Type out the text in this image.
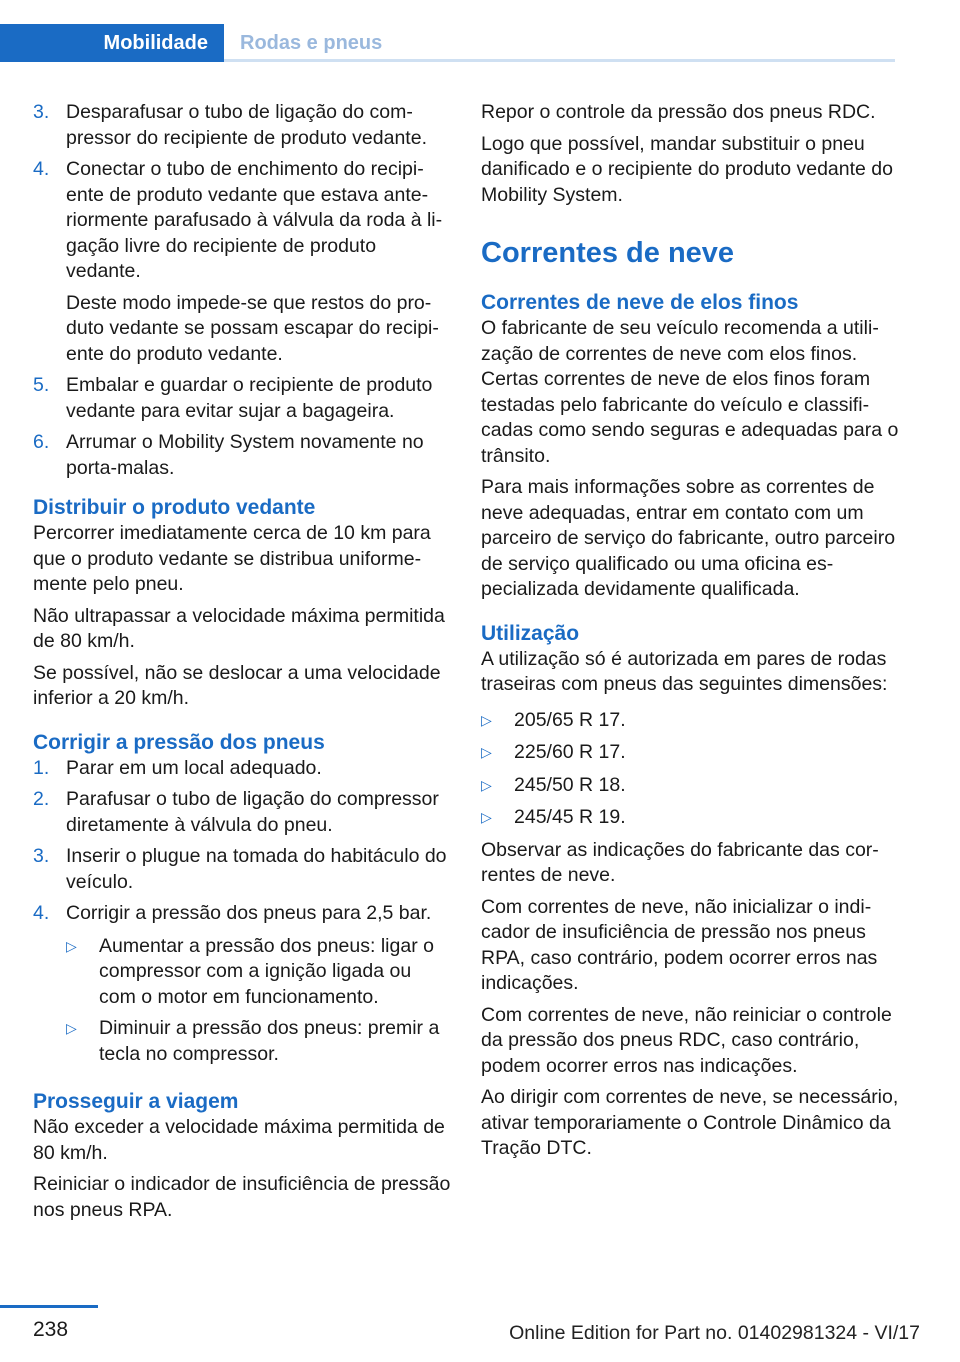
Mobilidade	Rodas e pneus
3. Desparafusar o tubo de ligação do compressor do recipiente de produto vedante.

4. Conectar o tubo de enchimento do recipiente de produto vedante que estava anteriormente parafusado à válvula da roda à ligação livre do recipiente de produto vedante.

Deste modo impede-se que restos do produto vedante se possam escapar do recipiente do produto vedante.

5. Embalar e guardar o recipiente de produto vedante para evitar sujar a bagageira.

6. Arrumar o Mobility System novamente no porta-malas.

Distribuir o produto vedante

Percorrer imediatamente cerca de 10 km para que o produto vedante se distribua uniformemente pelo pneu.

Não ultrapassar a velocidade máxima permitida de 80 km/h.

Se possível, não se deslocar a uma velocidade inferior a 20 km/h.

Corrigir a pressão dos pneus
1. Parar em um local adequado.
2. Parafusar o tubo de ligação do compressor diretamente à válvula do pneu.
3. Inserir o plugue na tomada do habitáculo do veículo.
4. Corrigir a pressão dos pneus para 2,5 bar.
▷	Aumentar a pressão dos pneus: ligar o compressor com a ignição ligada ou com o motor em funcionamento.
▷	Diminuir a pressão dos pneus: premir a tecla no compressor.
Prosseguir a viagem

Não exceder a velocidade máxima permitida de 80 km/h.

Reiniciar o indicador de insuficiência de pressão nos pneus RPA.

Repor o controle da pressão dos pneus RDC.

Logo que possível, mandar substituir o pneu danificado e o recipiente do produto vedante do Mobility System.

Correntes de neve
Correntes de neve de elos finos

O fabricante de seu veículo recomenda a utilização de correntes de neve com elos finos. Certas correntes de neve de elos finos foram testadas pelo fabricante do veículo e classificadas como sendo seguras e adequadas para o trânsito.

Para mais informações sobre as correntes de neve adequadas, entrar em contato com um parceiro de serviço do fabricante, outro parceiro de serviço qualificado ou uma oficina especializada devidamente qualificada.

Utilização

A utilização só é autorizada em pares de rodas traseiras com pneus das seguintes dimensões:

▷	205/65 R 17.
▷	225/60 R 17.
▷	245/50 R 18.
▷	245/45 R 19.

Observar as indicações do fabricante das correntes de neve.

Com correntes de neve, não inicializar o indicador de insuficiência de pressão nos pneus RPA, caso contrário, podem ocorrer erros nas indicações.

Com correntes de neve, não reiniciar o controle da pressão dos pneus RDC, caso contrário, podem ocorrer erros nas indicações.

Ao dirigir com correntes de neve, se necessário, ativar temporariamente o Controle Dinâmico da Tração DTC.

238	Online Edition for Part no. 01402981324 - VI/17
